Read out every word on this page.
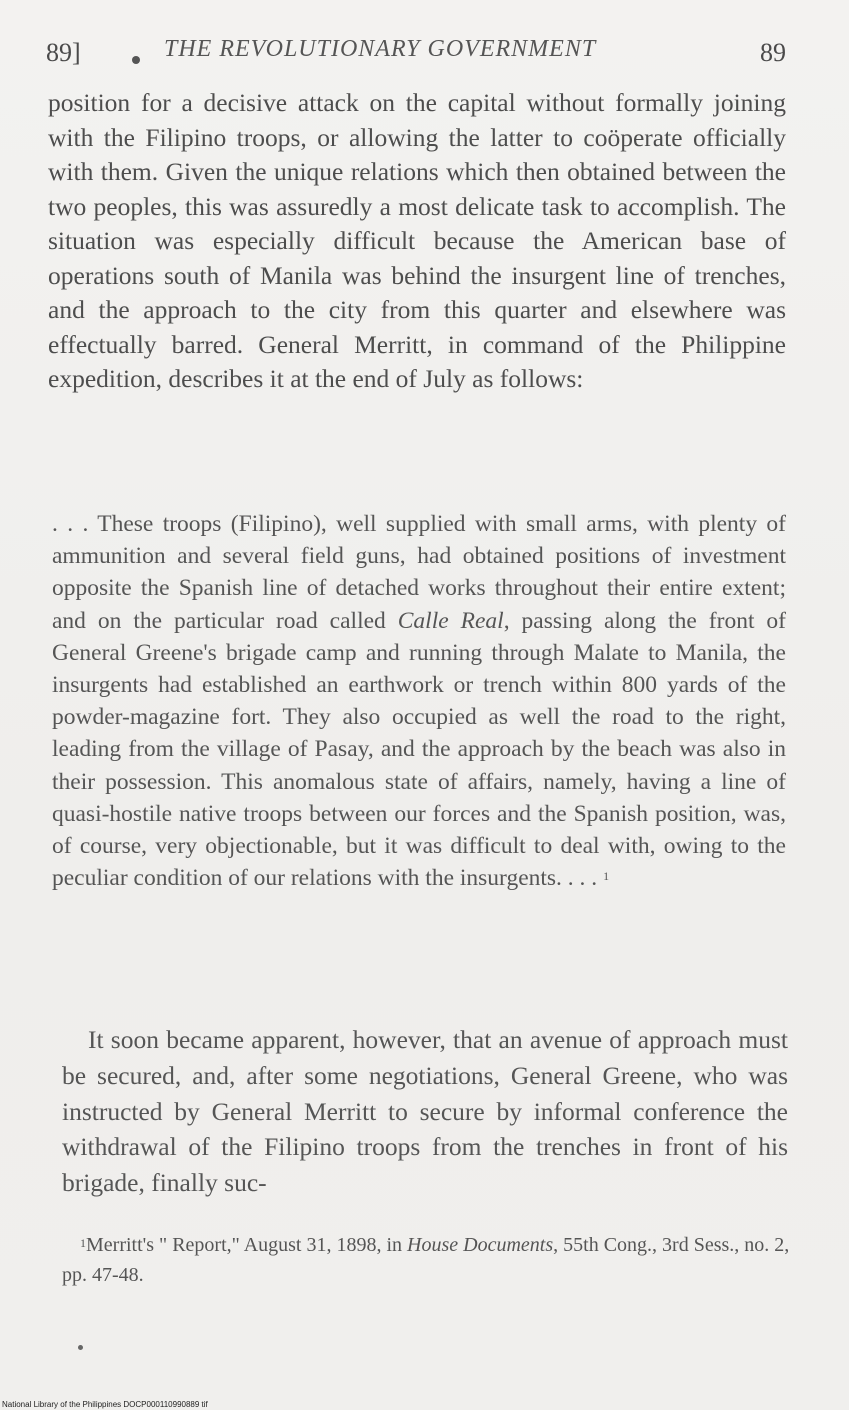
89]	THE REVOLUTIONARY GOVERNMENT	89

position for a decisive attack on the capital without formally joining with the Filipino troops, or allowing the latter to coöperate officially with them. Given the unique relations which then obtained between the two peoples, this was assuredly a most delicate task to accomplish. The situation was especially difficult because the American base of operations south of Manila was behind the insurgent line of trenches, and the approach to the city from this quarter and elsewhere was effectually barred. General Merritt, in command of the Philippine expedition, describes it at the end of July as follows:

. . . These troops (Filipino), well supplied with small arms, with plenty of ammunition and several field guns, had obtained positions of investment opposite the Spanish line of detached works throughout their entire extent; and on the particular road called Calle Real, passing along the front of General Greene's brigade camp and running through Malate to Manila, the insurgents had established an earthwork or trench within 800 yards of the powder-magazine fort. They also occupied as well the road to the right, leading from the village of Pasay, and the approach by the beach was also in their possession. This anomalous state of affairs, namely, having a line of quasi-hostile native troops between our forces and the Spanish position, was, of course, very objectionable, but it was difficult to deal with, owing to the peculiar condition of our relations with the insurgents. . . . $^1$

It soon became apparent, however, that an avenue of approach must be secured, and, after some negotiations, General Greene, who was instructed by General Merritt to secure by informal conference the withdrawal of the Filipino troops from the trenches in front of his brigade, finally suc-

$^1$Merritt's " Report," August 31, 1898, in House Documents, 55th Cong., 3rd Sess., no. 2, pp. 47-48.

National Library of the Philippines DOCP000110990889 tif
